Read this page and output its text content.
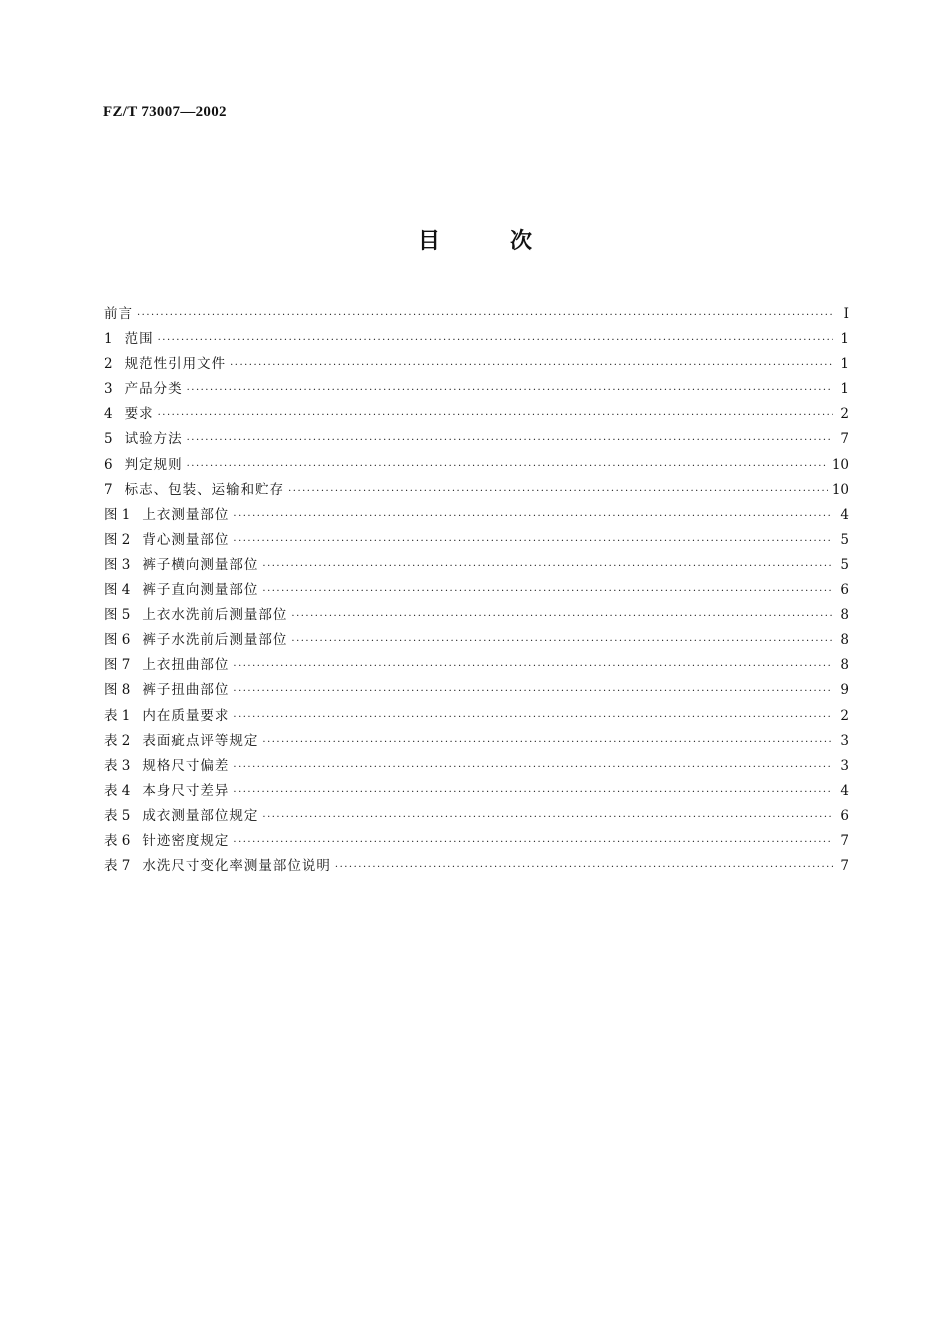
FZ/T 73007—2002
目	次
前言 ·····	I
1 范围 ·····	1
2 规范性引用文件 ·····	1
3 产品分类 ·····	1
4 要求 ·····	2
5 试验方法 ·····	7
6 判定规则 ·····	10
7 标志、包装、运输和贮存 ·····	10
图 1 上衣测量部位 ·····	4
图 2 背心测量部位 ·····	5
图 3 裤子横向测量部位 ·····	5
图 4 裤子直向测量部位 ·····	6
图 5 上衣水洗前后测量部位 ·····	8
图 6 裤子水洗前后测量部位 ·····	8
图 7 上衣扭曲部位 ·····	8
图 8 裤子扭曲部位 ·····	9
表 1 内在质量要求 ·····	2
表 2 表面疵点评等规定 ·····	3
表 3 规格尺寸偏差 ·····	3
表 4 本身尺寸差异 ·····	4
表 5 成衣测量部位规定 ·····	6
表 6 针迹密度规定 ·····	7
表 7 水洗尺寸变化率测量部位说明 ·····	7
